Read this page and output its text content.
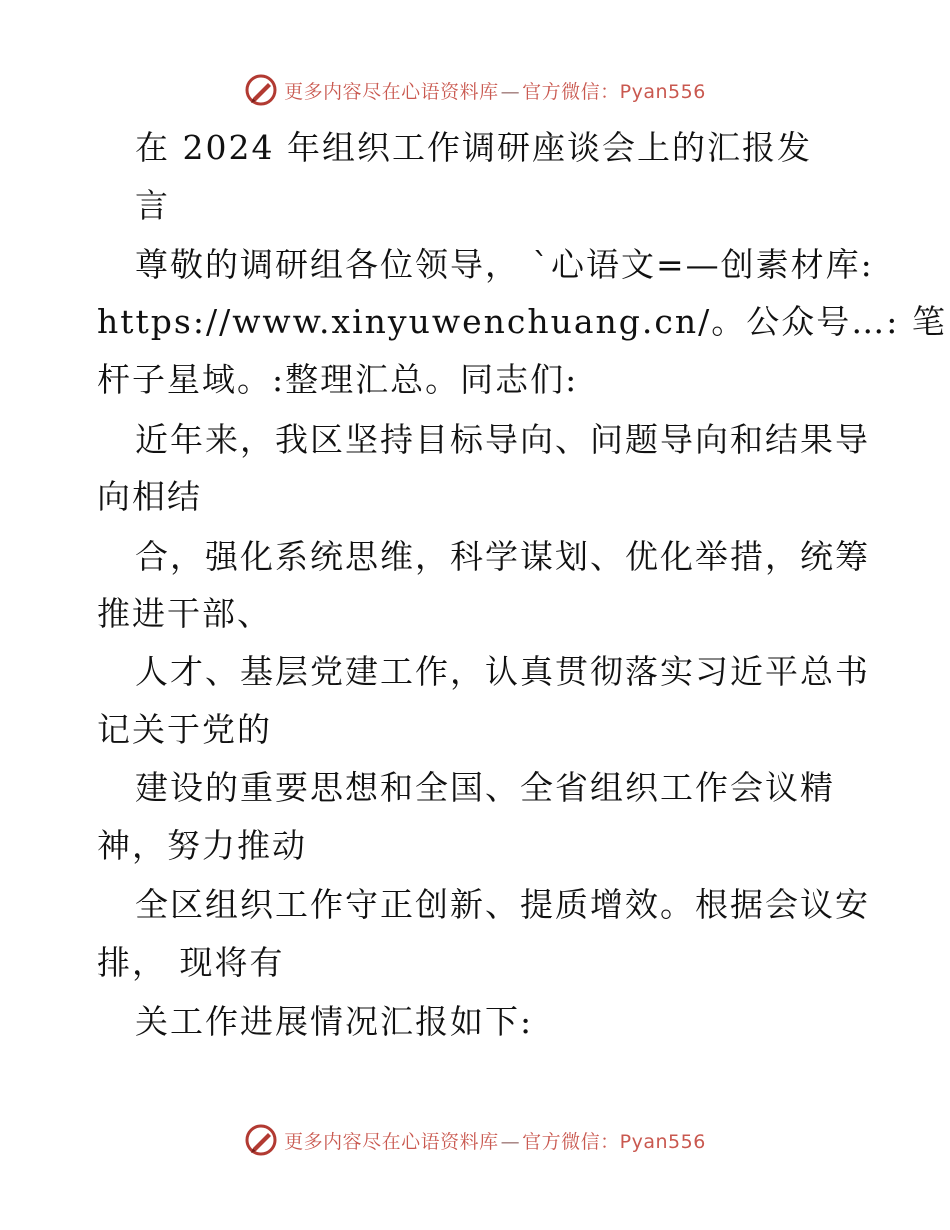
更多内容尽在心语资料库 — 官方微信：Pyan556
在 2024 年组织工作调研座谈会上的汇报发
言
尊敬的调研组各位领导， `心语文=—创素材库:
https://www.xinyuwenchuang.cn/。公众号…: 笔
杆子星域。:整理汇总。同志们:
近年来，我区坚持目标导向、问题导向和结果导
向相结
合，强化系统思维，科学谋划、优化举措，统筹
推进干部、
人才、基层党建工作，认真贯彻落实习近平总书
记关于党的
建设的重要思想和全国、全省组织工作会议精
神，努力推动
全区组织工作守正创新、提质增效。根据会议安
排， 现将有
关工作进展情况汇报如下:
更多内容尽在心语资料库 — 官方微信：Pyan556
